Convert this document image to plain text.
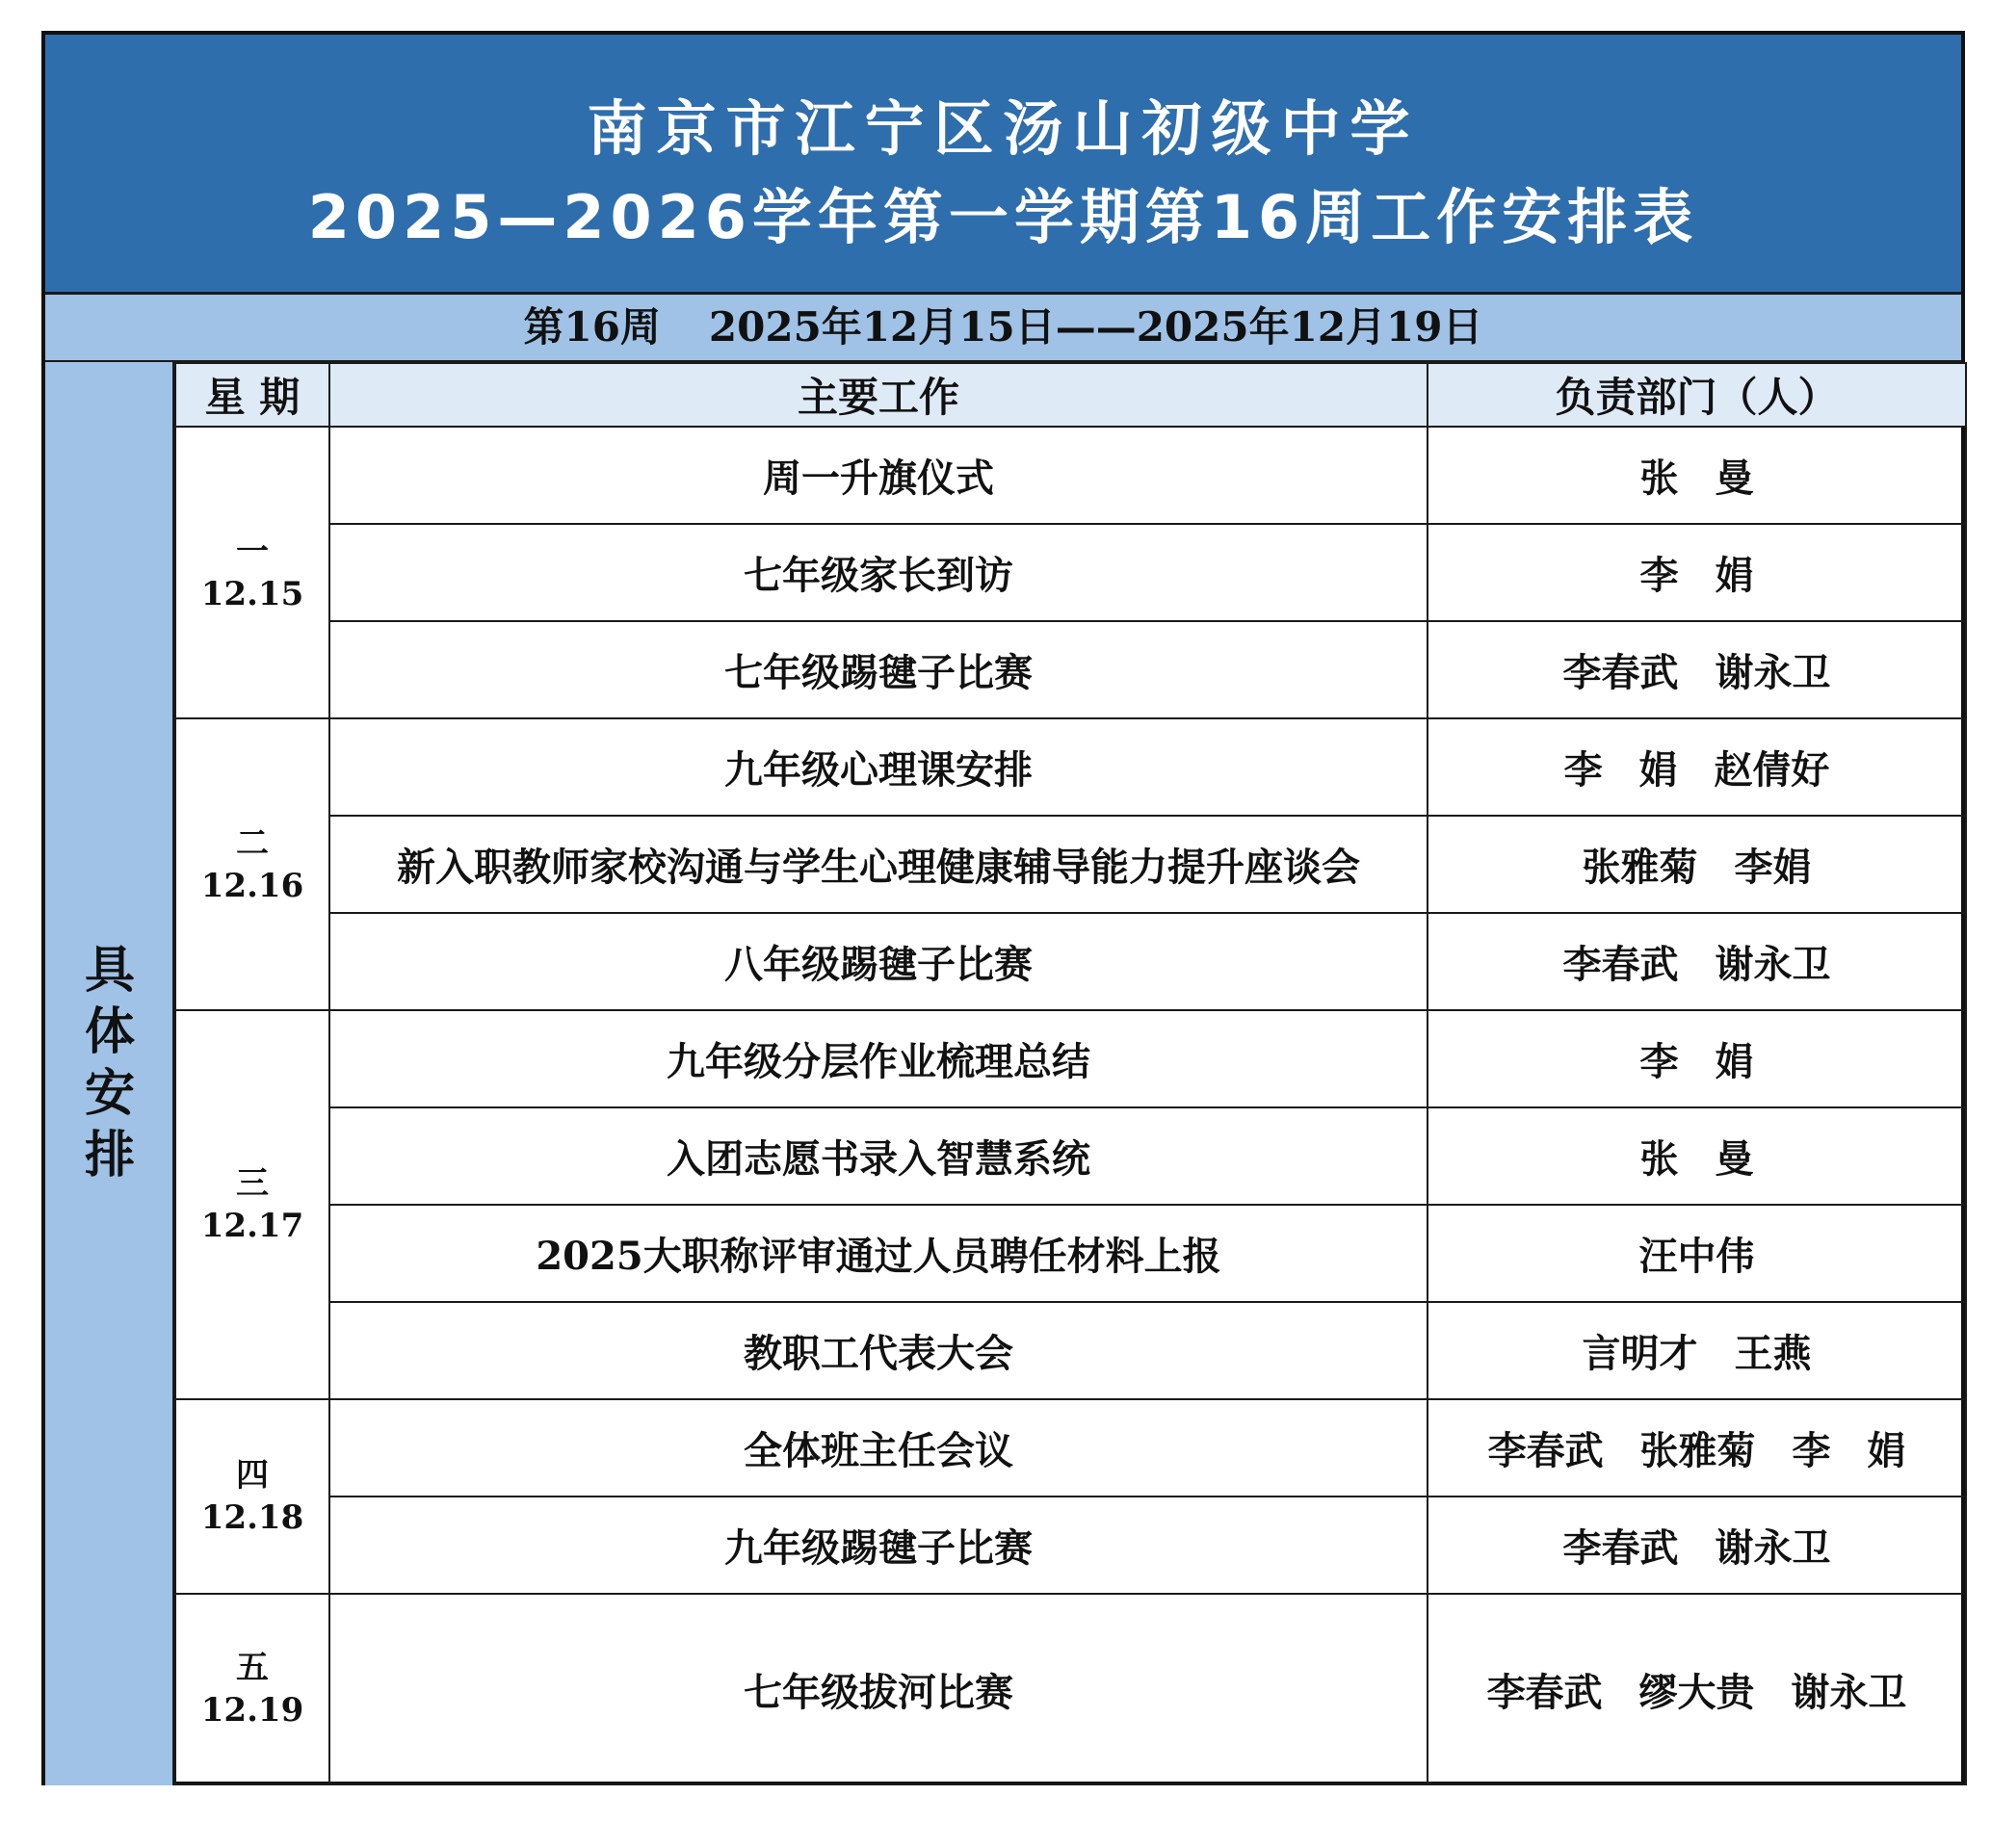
南京市江宁区汤山初级中学
2025—2026学年第一学期第16周工作安排表
第16周 2025年12月15日——2025年12月19日
具体安排
星 期	主要工作	负责部门（人）

一
12.15	周一升旗仪式	张 曼
	七年级家长到访	李 娟
	七年级踢毽子比赛	李春武 谢永卫

二
12.16	九年级心理课安排	李 娟 赵倩好
	新入职教师家校沟通与学生心理健康辅导能力提升座谈会	张雅菊 李娟
	八年级踢毽子比赛	李春武 谢永卫

三
12.17	九年级分层作业梳理总结	李 娟
	入团志愿书录入智慧系统	张 曼
	2025大职称评审通过人员聘任材料上报	汪中伟
	教职工代表大会	言明才 王燕

四
12.18	全体班主任会议	李春武 张雅菊 李 娟
	九年级踢毽子比赛	李春武 谢永卫

五
12.19	七年级拔河比赛	李春武 缪大贵 谢永卫
